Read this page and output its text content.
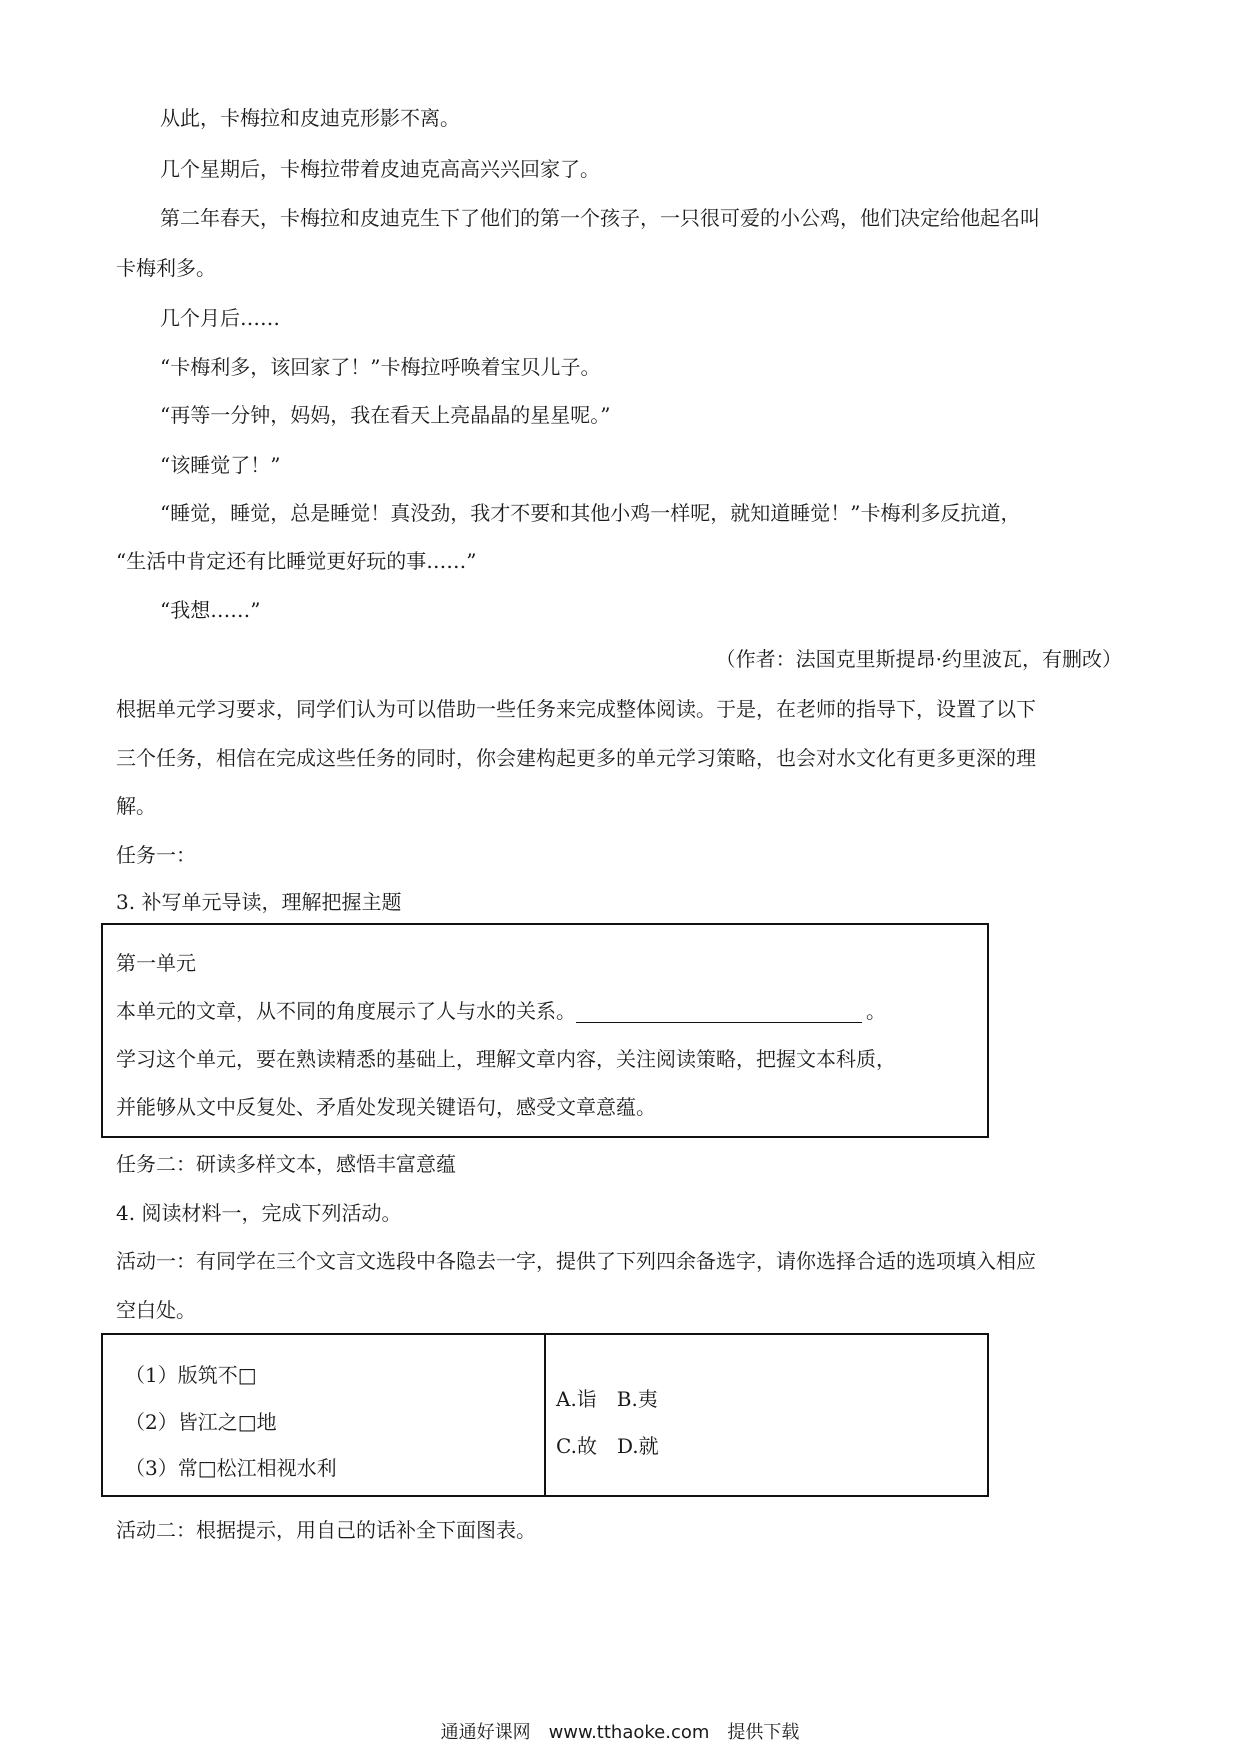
从此，卡梅拉和皮迪克形影不离。
几个星期后，卡梅拉带着皮迪克高高兴兴回家了。
第二年春天，卡梅拉和皮迪克生下了他们的第一个孩子，一只很可爱的小公鸡，他们决定给他起名叫
卡梅利多。
几个月后……
“卡梅利多，该回家了！”卡梅拉呼唤着宝贝儿子。
“再等一分钟，妈妈，我在看天上亮晶晶的星星呢。”
“该睡觉了！”
“睡觉，睡觉，总是睡觉！真没劲，我才不要和其他小鸡一样呢，就知道睡觉！”卡梅利多反抗道，
“生活中肯定还有比睡觉更好玩的事……”
“我想……”
（作者：法国克里斯提昂·约里波瓦，有删改）
根据单元学习要求，同学们认为可以借助一些任务来完成整体阅读。于是，在老师的指导下，设置了以下
三个任务，相信在完成这些任务的同时，你会建构起更多的单元学习策略，也会对水文化有更多更深的理
解。
任务一：
3. 补写单元导读，理解把握主题
第一单元
本单元的文章，从不同的角度展示了人与水的关系。	。
学习这个单元，要在熟读精悉的基础上，理解文章内容，关注阅读策略，把握文本科质，
并能够从文中反复处、矛盾处发现关键语句，感受文章意蕴。
任务二：研读多样文本，感悟丰富意蕴
4. 阅读材料一，完成下列活动。
活动一：有同学在三个文言文选段中各隐去一字，提供了下列四余备选字，请你选择合适的选项填入相应
空白处。
（1）版筑不□
（2）皆江之□地
（3）常□松江相视水利
A.诣　B.夷
C.故　D.就
活动二：根据提示，用自己的话补全下面图表。
通通好课网　www.tthaoke.com　提供下载
